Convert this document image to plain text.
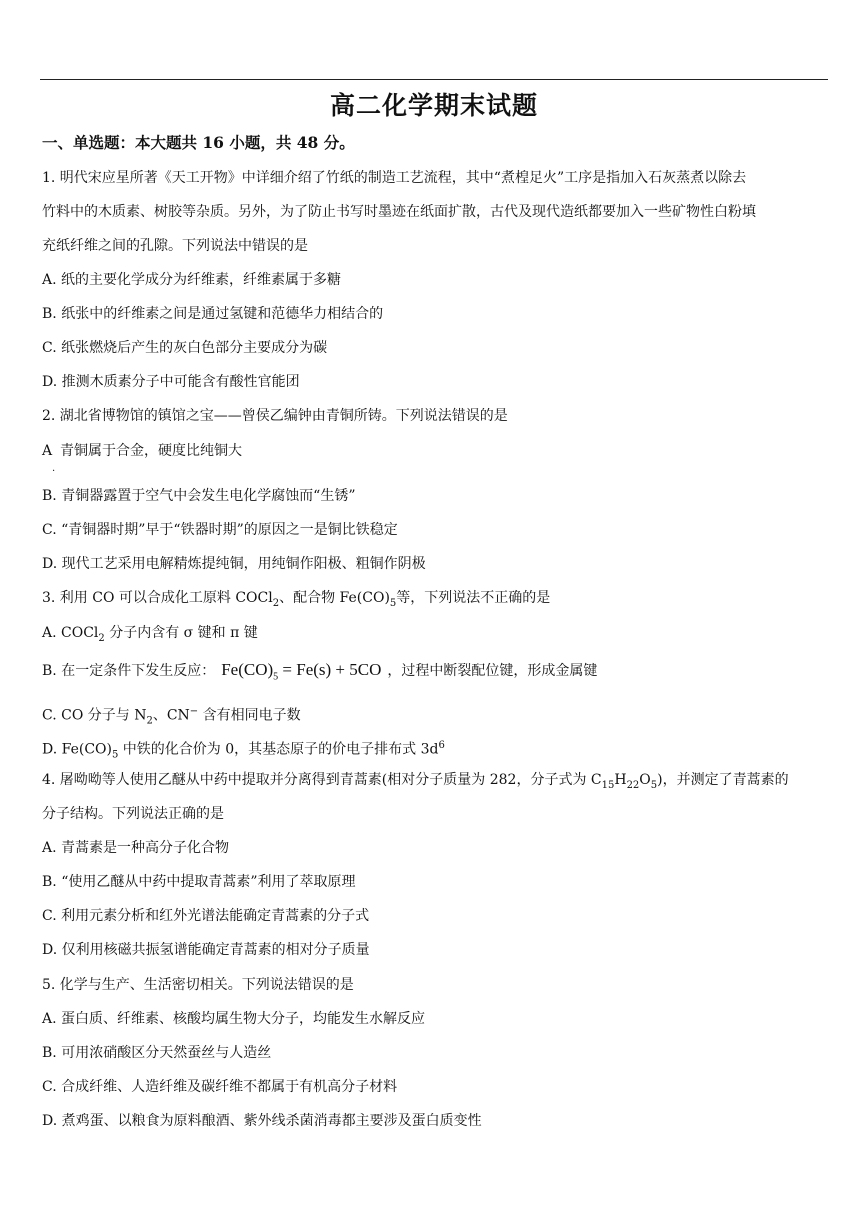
高二化学期末试题
一、单选题：本大题共 16 小题，共 48 分。
1. 明代宋应星所著《天工开物》中详细介绍了竹纸的制造工艺流程，其中“煮楻足火”工序是指加入石灰蒸煮以除去
竹料中的木质素、树胶等杂质。另外，为了防止书写时墨迹在纸面扩散，古代及现代造纸都要加入一些矿物性白粉填
充纸纤维之间的孔隙。下列说法中错误的是
A. 纸的主要化学成分为纤维素，纤维素属于多糖
B. 纸张中的纤维素之间是通过氢键和范德华力相结合的
C. 纸张燃烧后产生的灰白色部分主要成分为碳
D. 推测木质素分子中可能含有酸性官能团
2. 湖北省博物馆的镇馆之宝——曾侯乙编钟由青铜所铸。下列说法错误的是
A 青铜属于合金，硬度比纯铜大
.
B. 青铜器露置于空气中会发生电化学腐蚀而“生锈”
C. “青铜器时期”早于“铁器时期”的原因之一是铜比铁稳定
D. 现代工艺采用电解精炼提纯铜，用纯铜作阳极、粗铜作阴极
3. 利用 CO 可以合成化工原料 COCl$_2$、配合物 $Fe(CO)_5$等，下列说法不正确的是
A. COCl$_2$ 分子内含有 σ 键和 π 键
B. 在一定条件下发生反应： $Fe(CO)_5 = Fe(s) + 5CO$ ，过程中断裂配位键，形成金属键
C. CO 分子与 $N_2$、CN− 含有相同电子数
D. $Fe(CO)_5$ 中铁的化合价为 0，其基态原子的价电子排布式 $3d^6$
4. 屠呦呦等人使用乙醚从中药中提取并分离得到青蒿素(相对分子质量为 282，分子式为 $C_{15}H_{22}O_5$)，并测定了青蒿素的
分子结构。下列说法正确的是
A. 青蒿素是一种高分子化合物
B. “使用乙醚从中药中提取青蒿素”利用了萃取原理
C. 利用元素分析和红外光谱法能确定青蒿素的分子式
D. 仅利用核磁共振氢谱能确定青蒿素的相对分子质量
5. 化学与生产、生活密切相关。下列说法错误的是
A. 蛋白质、纤维素、核酸均属生物大分子，均能发生水解反应
B. 可用浓硝酸区分天然蚕丝与人造丝
C. 合成纤维、人造纤维及碳纤维不都属于有机高分子材料
D. 煮鸡蛋、以粮食为原料酿酒、紫外线杀菌消毒都主要涉及蛋白质变性
